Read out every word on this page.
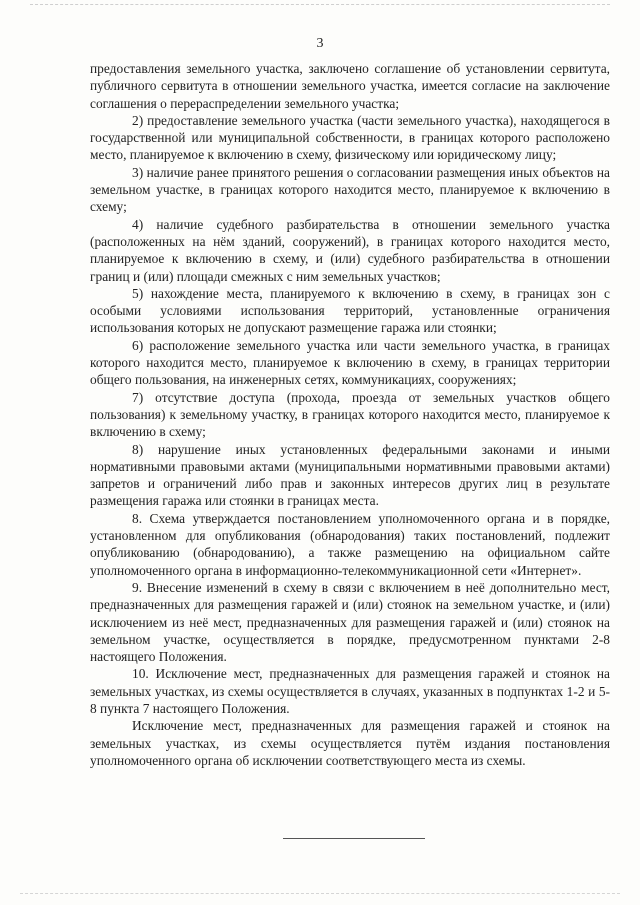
3

предоставления земельного участка, заключено соглашение об установлении сервитута, публичного сервитута в отношении земельного участка, имеется согласие на заключение соглашения о перераспределении земельного участка;

2) предоставление земельного участка (части земельного участка), находящегося в государственной или муниципальной собственности, в границах которого расположено место, планируемое к включению в схему, физическому или юридическому лицу;

3) наличие ранее принятого решения о согласовании размещения иных объектов на земельном участке, в границах которого находится место, планируемое к включению в схему;

4) наличие судебного разбирательства в отношении земельного участка (расположенных на нём зданий, сооружений), в границах которого находится место, планируемое к включению в схему, и (или) судебного разбирательства в отношении границ и (или) площади смежных с ним земельных участков;

5) нахождение места, планируемого к включению в схему, в границах зон с особыми условиями использования территорий, установленные ограничения использования которых не допускают размещение гаража или стоянки;

6) расположение земельного участка или части земельного участка, в границах которого находится место, планируемое к включению в схему, в границах территории общего пользования, на инженерных сетях, коммуникациях, сооружениях;

7) отсутствие доступа (прохода, проезда от земельных участков общего пользования) к земельному участку, в границах которого находится место, планируемое к включению в схему;

8) нарушение иных установленных федеральными законами и иными нормативными правовыми актами (муниципальными нормативными правовыми актами) запретов и ограничений либо прав и законных интересов других лиц в результате размещения гаража или стоянки в границах места.

8. Схема утверждается постановлением уполномоченного органа и в порядке, установленном для опубликования (обнародования) таких постановлений, подлежит опубликованию (обнародованию), а также размещению на официальном сайте уполномоченного органа в информационно-телекоммуникационной сети «Интернет».

9. Внесение изменений в схему в связи с включением в неё дополнительно мест, предназначенных для размещения гаражей и (или) стоянок на земельном участке, и (или) исключением из неё мест, предназначенных для размещения гаражей и (или) стоянок на земельном участке, осуществляется в порядке, предусмотренном пунктами 2-8 настоящего Положения.

10. Исключение мест, предназначенных для размещения гаражей и стоянок на земельных участках, из схемы осуществляется в случаях, указанных в подпунктах 1-2 и 5-8 пункта 7 настоящего Положения.

Исключение мест, предназначенных для размещения гаражей и стоянок на земельных участках, из схемы осуществляется путём издания постановления уполномоченного органа об исключении соответствующего места из схемы.
